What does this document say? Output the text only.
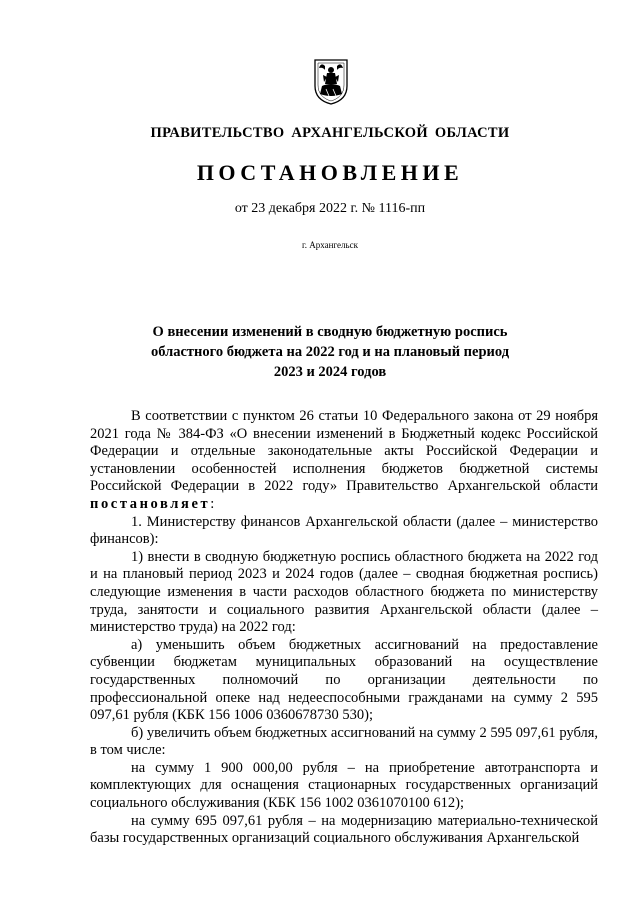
ПРАВИТЕЛЬСТВО АРХАНГЕЛЬСКОЙ ОБЛАСТИ
ПОСТАНОВЛЕНИЕ
от 23 декабря 2022 г. № 1116-пп
г. Архангельск
О внесении изменений в сводную бюджетную роспись
областного бюджета на 2022 год и на плановый период
2023 и 2024 годов

В соответствии с пунктом 26 статьи 10 Федерального закона от 29 ноября 2021 года № 384-ФЗ «О внесении изменений в Бюджетный кодекс Российской Федерации и отдельные законодательные акты Российской Федерации и установлении особенностей исполнения бюджетов бюджетной системы Российской Федерации в 2022 году» Правительство Архангельской области постановляет:

1. Министерству финансов Архангельской области (далее – министерство финансов):

1) внести в сводную бюджетную роспись областного бюджета на 2022 год и на плановый период 2023 и 2024 годов (далее – сводная бюджетная роспись) следующие изменения в части расходов областного бюджета по министерству труда, занятости и социального развития Архангельской области (далее – министерство труда) на 2022 год:

а) уменьшить объем бюджетных ассигнований на предоставление субвенции бюджетам муниципальных образований на осуществление государственных полномочий по организации деятельности по профессиональной опеке над недееспособными гражданами на сумму 2 595 097,61 рубля (КБК 156 1006 0360678730 530);

б) увеличить объем бюджетных ассигнований на сумму 2 595 097,61 рубля, в том числе:

на сумму 1 900 000,00 рубля – на приобретение автотранспорта и комплектующих для оснащения стационарных государственных организаций социального обслуживания (КБК 156 1002 0361070100 612);

на сумму 695 097,61 рубля – на модернизацию материально-технической базы государственных организаций социального обслуживания Архангельской
